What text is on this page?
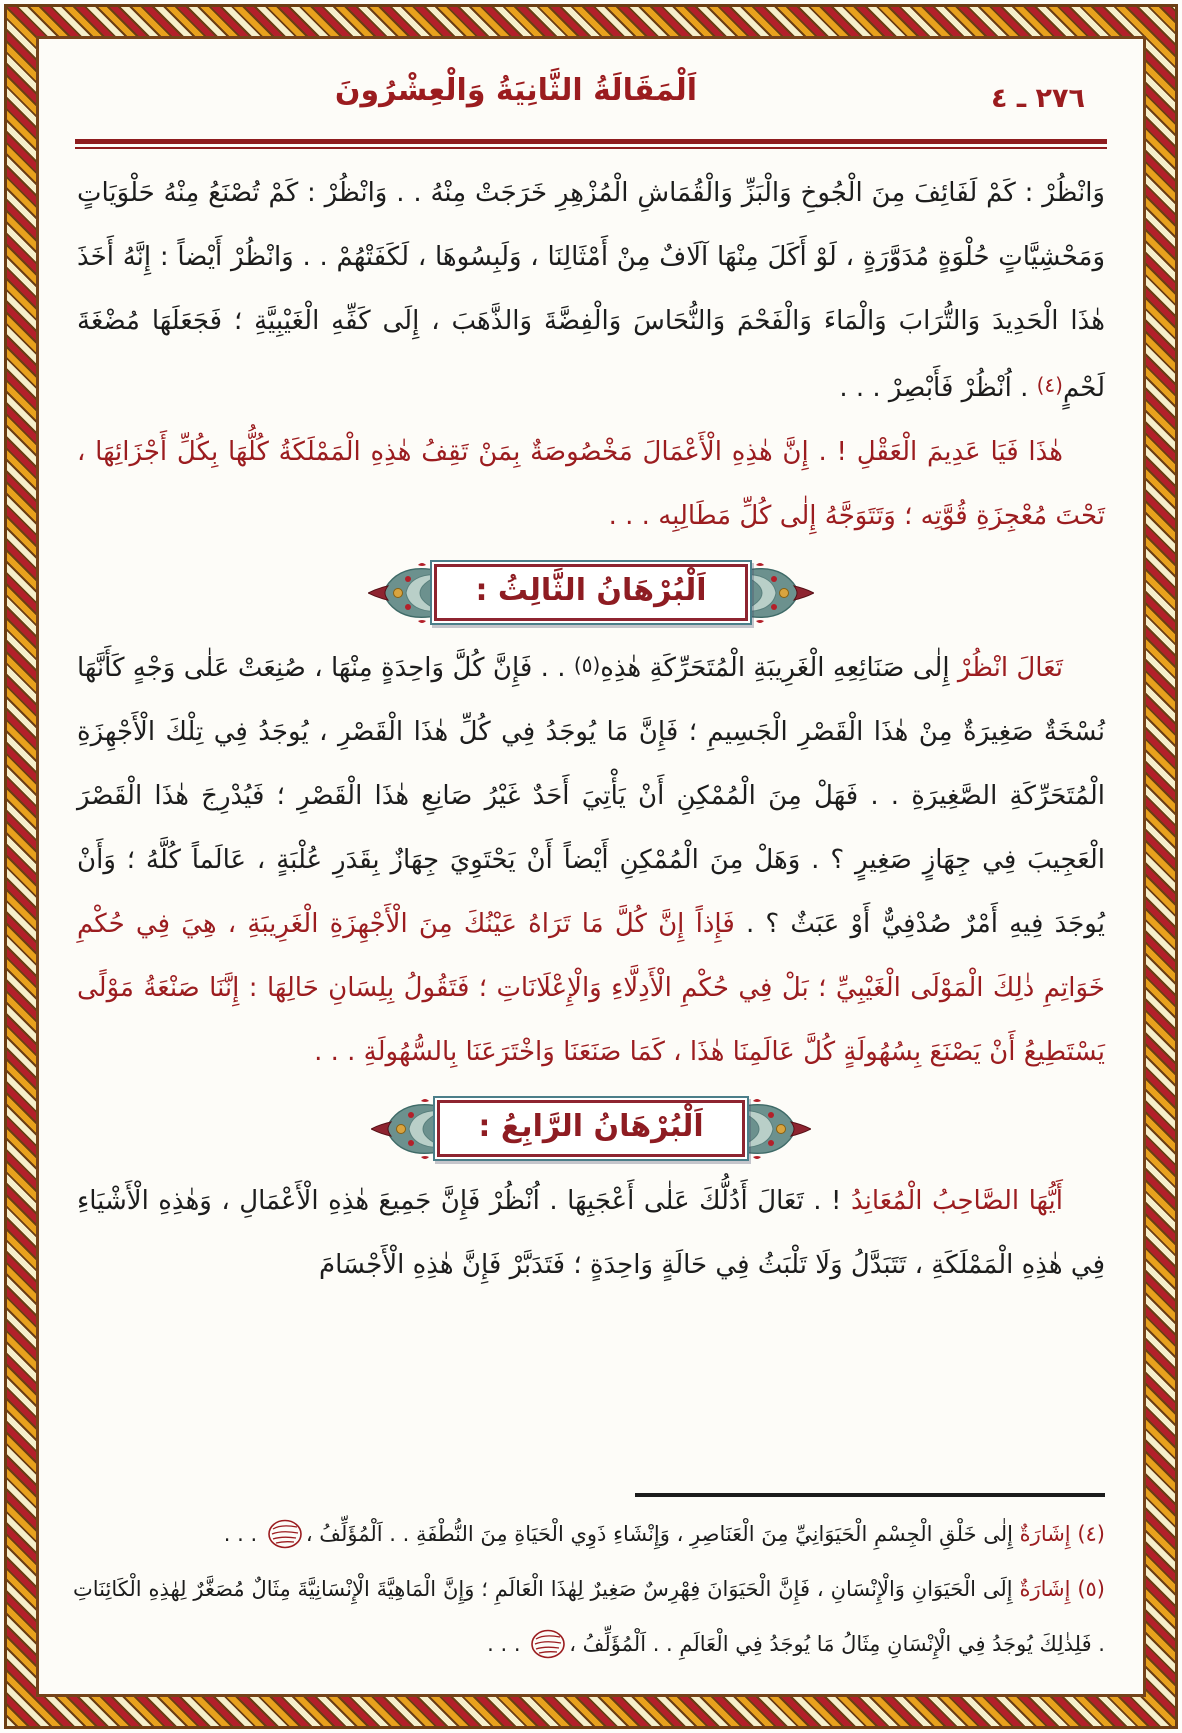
٢٧٦ ـ ٤
اَلْمَقَالَةُ الثَّانِيَةُ وَالْعِشْرُونَ

وَانْظُرْ : كَمْ لَفَائِفَ مِنَ الْجُوخِ وَالْبَزِّ وَالْقُمَاشِ الْمُزْهِرِ خَرَجَتْ مِنْهُ . . وَانْظُرْ : كَمْ تُصْنَعُ مِنْهُ حَلْوَيَاتٍ وَمَحْشِيَّاتٍ حُلْوَةٍ مُدَوَّرَةٍ ، لَوْ أَكَلَ مِنْهَا آلَافٌ مِنْ أَمْثَالِنَا ، وَلَبِسُوهَا ، لَكَفَتْهُمْ . . وَانْظُرْ أَيْضاً : إِنَّهُ أَخَذَ هٰذَا الْحَدِيدَ وَالتُّرَابَ وَالْمَاءَ وَالْفَحْمَ وَالنُّحَاسَ وَالْفِضَّةَ وَالذَّهَبَ ، إِلَى كَفِّهِ الْغَيْبِيَّةِ ؛ فَجَعَلَهَا مُضْغَةَ لَحْمٍ(٤) . اُنْظُرْ فَأَبْصِرْ . . .

هٰذَا فَيَا عَدِيمَ الْعَقْلِ ! . إِنَّ هٰذِهِ الْأَعْمَالَ مَخْصُوصَةٌ بِمَنْ تَقِفُ هٰذِهِ الْمَمْلَكَةُ كُلُّهَا بِكُلِّ أَجْزَائِهَا ، تَحْتَ مُعْجِزَةِ قُوَّتِه ؛ وَتَتَوَجَّهُ إِلٰى كُلِّ مَطَالِبِه . . .

اَلْبُرْهَانُ الثَّالِثُ :

تَعَالَ انْظُرْ إِلٰى صَنَائِعِهِ الْغَرِيبَةِ الْمُتَحَرِّكَةِ هٰذِهِ(٥) . . فَإِنَّ كُلَّ وَاحِدَةٍ مِنْهَا ، صُنِعَتْ عَلٰى وَجْهٍ كَأَنَّهَا نُسْخَةٌ صَغِيرَةٌ مِنْ هٰذَا الْقَصْرِ الْجَسِيمِ ؛ فَإِنَّ مَا يُوجَدُ فِي كُلِّ هٰذَا الْقَصْرِ ، يُوجَدُ فِي تِلْكَ الْأَجْهِزَةِ الْمُتَحَرِّكَةِ الصَّغِيرَةِ . . فَهَلْ مِنَ الْمُمْكِنِ أَنْ يَأْتِيَ أَحَدٌ غَيْرُ صَانِعِ هٰذَا الْقَصْرِ ؛ فَيُدْرِجَ هٰذَا الْقَصْرَ الْعَجِيبَ فِي جِهَازٍ صَغِيرٍ ؟ . وَهَلْ مِنَ الْمُمْكِنِ أَيْضاً أَنْ يَحْتَوِيَ جِهَازٌ بِقَدَرِ عُلْبَةٍ ، عَالَماً كُلَّهُ ؛ وَأَنْ يُوجَدَ فِيهِ أَمْرٌ صُدْفِيٌّ أَوْ عَبَثٌ ؟ . فَإِذاً إِنَّ كُلَّ مَا تَرَاهُ عَيْنُكَ مِنَ الْأَجْهِزَةِ الْغَرِيبَةِ ، هِيَ فِي حُكْمِ خَوَاتِمِ ذٰلِكَ الْمَوْلَى الْغَيْبِيِّ ؛ بَلْ فِي حُكْمِ الْأَدِلَّاءِ وَالْإِعْلَانَاتِ ؛ فَتَقُولُ بِلِسَانِ حَالِهَا : إِنَّنَا صَنْعَةُ مَوْلًى يَسْتَطِيعُ أَنْ يَصْنَعَ بِسُهُولَةٍ كُلَّ عَالَمِنَا هٰذَا ، كَمَا صَنَعَنَا وَاخْتَرَعَنَا بِالسُّهُولَةِ . . .

اَلْبُرْهَانُ الرَّابِعُ :

أَيُّهَا الصَّاحِبُ الْمُعَانِدُ ! . تَعَالَ أَدُلُّكَ عَلٰى أَعْجَبِهَا . اُنْظُرْ فَإِنَّ جَمِيعَ هٰذِهِ الْأَعْمَالِ ، وَهٰذِهِ الْأَشْيَاءِ فِي هٰذِهِ الْمَمْلَكَةِ ، تَتَبَدَّلُ وَلَا تَلْبَثُ فِي حَالَةٍ وَاحِدَةٍ ؛ فَتَدَبَّرْ فَإِنَّ هٰذِهِ الْأَجْسَامَ

(٤) إِشَارَةٌ إِلٰى خَلْقِ الْجِسْمِ الْحَيَوَانِيِّ مِنَ الْعَنَاصِرِ ، وَإِنْشَاءِ ذَوِي الْحَيَاةِ مِنَ النُّطْفَةِ . . اَلْمُؤَلِّفُ ، . . .

(٥) إِشَارَةٌ إِلَى الْحَيَوَانِ وَالْإِنْسَانِ ، فَإِنَّ الْحَيَوَانَ فِهْرِسٌ صَغِيرٌ لِهٰذَا الْعَالَمِ ؛ وَإِنَّ الْمَاهِيَّةَ الْإِنْسَانِيَّةَ مِثَالٌ مُصَغَّرٌ لِهٰذِهِ الْكَائِنَاتِ . فَلِذٰلِكَ يُوجَدُ فِي الْإِنْسَانِ مِثَالُ مَا يُوجَدُ فِي الْعَالَمِ . . اَلْمُؤَلِّفُ ، . . .
